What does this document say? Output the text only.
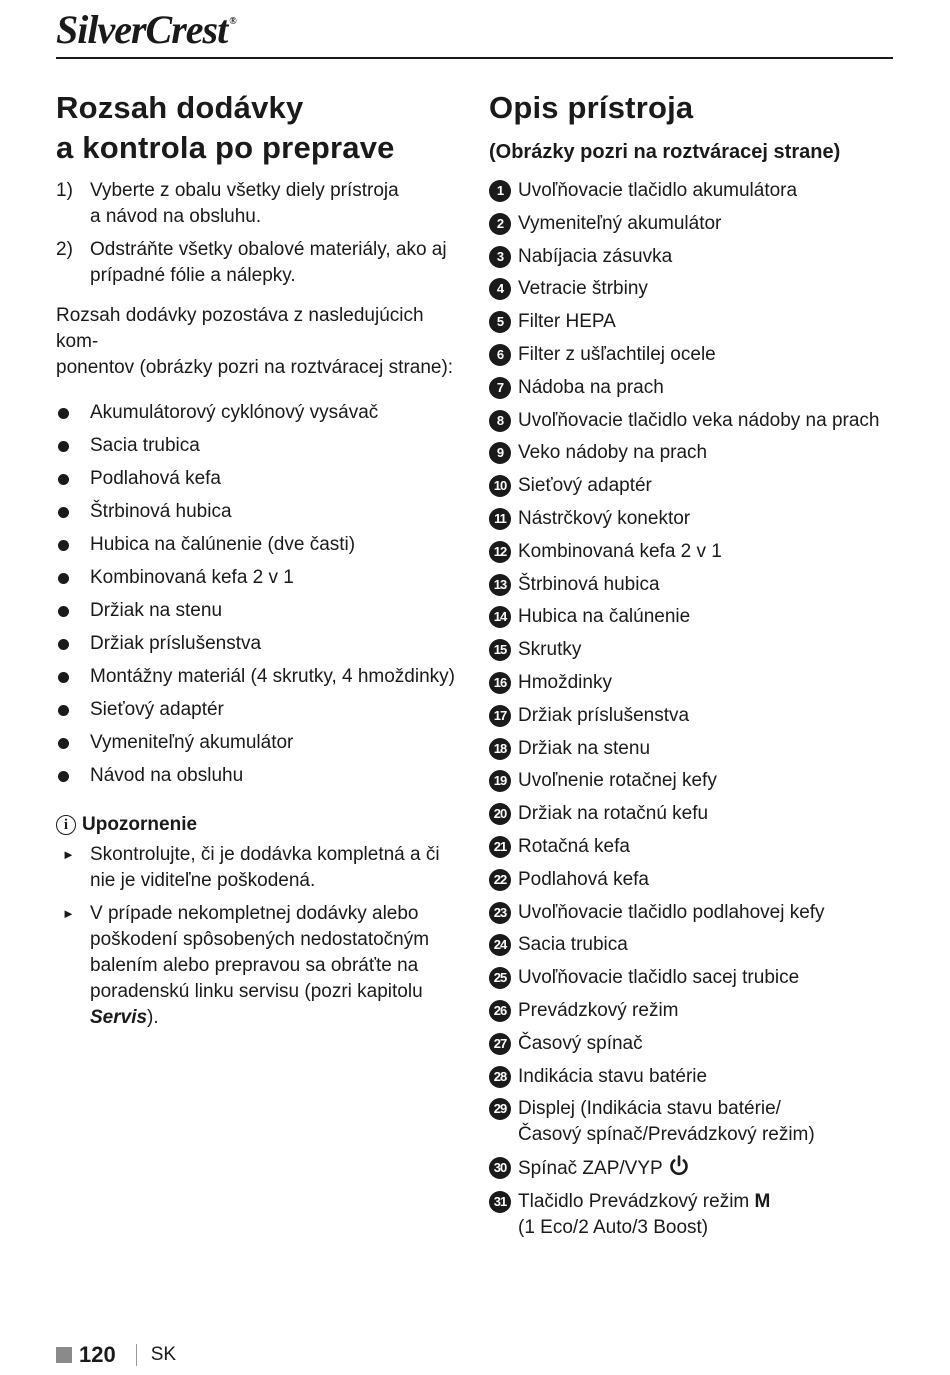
SilverCrest ®
Rozsah dodávky
a kontrola po preprave
1) Vyberte z obalu všetky diely prístroja
a návod na obsluhu.
2) Odstráňte všetky obalové materiály, ako aj
prípadné fólie a nálepky.

Rozsah dodávky pozostáva z nasledujúcich kom-
ponentov (obrázky pozri na roztváracej strane):

Akumulátorový cyklónový vysávač
Sacia trubica
Podlahová kefa
Štrbinová hubica
Hubica na čalúnenie (dve časti)
Kombinovaná kefa 2 v 1
Držiak na stenu
Držiak príslušenstva
Montážny materiál (4 skrutky, 4 hmoždinky)
Sieťový adaptér
Vymeniteľný akumulátor
Návod na obsluhu
i Upozornenie
► Skontrolujte, či je dodávka kompletná a či
nie je viditeľne poškodená.
► V prípade nekompletnej dodávky alebo
poškodení spôsobených nedostatočným
balením alebo prepravou sa obráťte na
poradenskú linku servisu (pozri kapitolu
Servis).
Opis prístroja
(Obrázky pozri na roztváracej strane)
1 Uvoľňovacie tlačidlo akumulátora
2 Vymeniteľný akumulátor
3 Nabíjacia zásuvka
4 Vetracie štrbiny
5 Filter HEPA
6 Filter z ušľachtilej ocele
7 Nádoba na prach
8 Uvoľňovacie tlačidlo veka nádoby na prach
9 Veko nádoby na prach
10 Sieťový adaptér
11 Nástrčkový konektor
12 Kombinovaná kefa 2 v 1
13 Štrbinová hubica
14 Hubica na čalúnenie
15 Skrutky
16 Hmoždinky
17 Držiak príslušenstva
18 Držiak na stenu
19 Uvoľnenie rotačnej kefy
20 Držiak na rotačnú kefu
21 Rotačná kefa
22 Podlahová kefa
23 Uvoľňovacie tlačidlo podlahovej kefy
24 Sacia trubica
25 Uvoľňovacie tlačidlo sacej trubice
26 Prevádzkový režim
27 Časový spínač
28 Indikácia stavu batérie
29 Displej (Indikácia stavu batérie/
Časový spínač/Prevádzkový režim)
30 Spínač ZAP/VYP
31 Tlačidlo Prevádzkový režim M
(1 Eco/2 Auto/3 Boost)
120 SK
